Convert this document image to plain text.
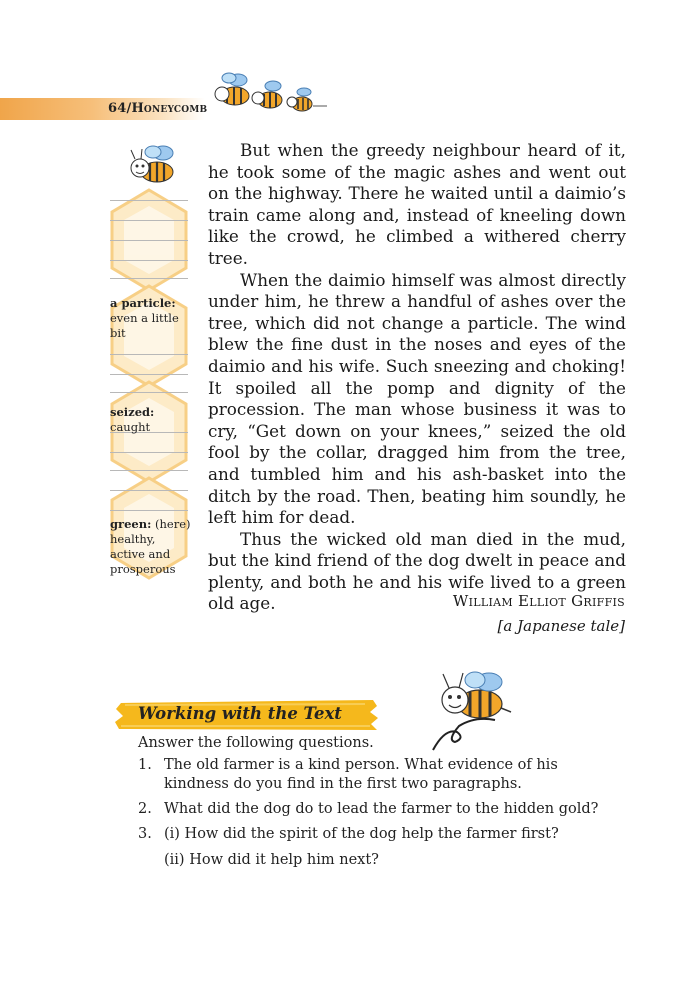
64/Honeycomb
a particle: even a little bit
seized: caught
green: (here) healthy, active and prosperous

But when the greedy neighbour heard of it, he took some of the magic ashes and went out on the highway. There he waited until a daimio’s train came along and, instead of kneeling down like the crowd, he climbed a withered cherry tree.

When the daimio himself was almost directly under him, he threw a handful of ashes over the tree, which did not change a particle. The wind blew the fine dust in the noses and eyes of the daimio and his wife. Such sneezing and choking! It spoiled all the pomp and dignity of the procession. The man whose business it was to cry, “Get down on your knees,” seized the old fool by the collar, dragged him from the tree, and tumbled him and his ash-basket into the ditch by the road. Then, beating him soundly, he left him for dead.

Thus the wicked old man died in the mud, but the kind friend of the dog dwelt in peace and plenty, and both he and his wife lived to a green old age.	William Elliot Griffis
[a Japanese tale]
Working with the Text
Answer the following questions.
1. The old farmer is a kind person. What evidence of his kindness do you find in the first two paragraphs.
2. What did the dog do to lead the farmer to the hidden gold?
3. (i) How did the spirit of the dog help the farmer first?
(ii) How did it help him next?
